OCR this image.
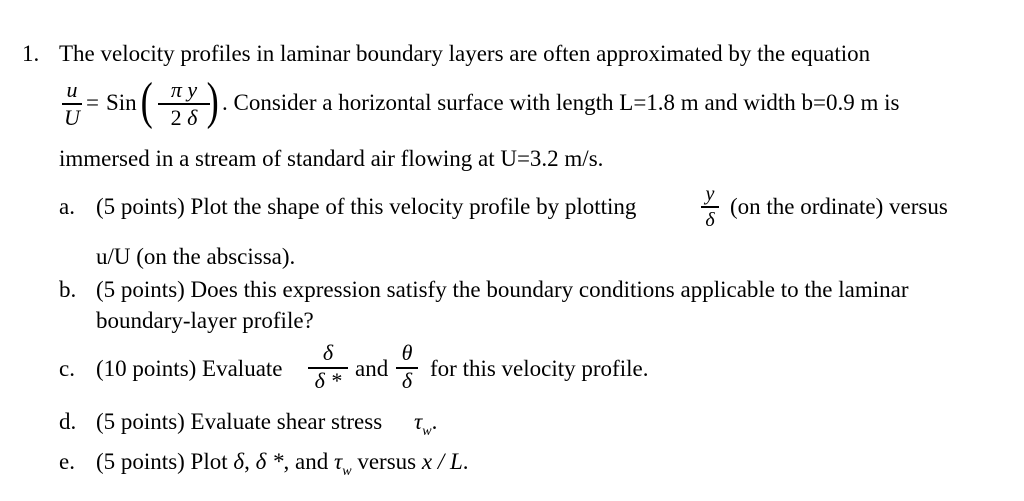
1. The velocity profiles in laminar boundary layers are often approximated by the equation
u
U
= Sin ( π y
2 δ ) . Consider a horizontal surface with length L=1.8 m and width b=0.9 m is
immersed in a stream of standard air flowing at U=3.2 m/s.
a. (5 points) Plot the shape of this velocity profile by plotting	y
δ
(on the ordinate) versus
u/U (on the abscissa).
b. (5 points) Does this expression satisfy the boundary conditions applicable to the laminar
boundary-layer profile?
c. (10 points) Evaluate
δ
δ * and
θ
δ for this velocity profile.
d. (5 points) Evaluate shear stress $\tau_w$.
e. (5 points) Plot δ, δ *, and $\tau_w$ versus x / L.
